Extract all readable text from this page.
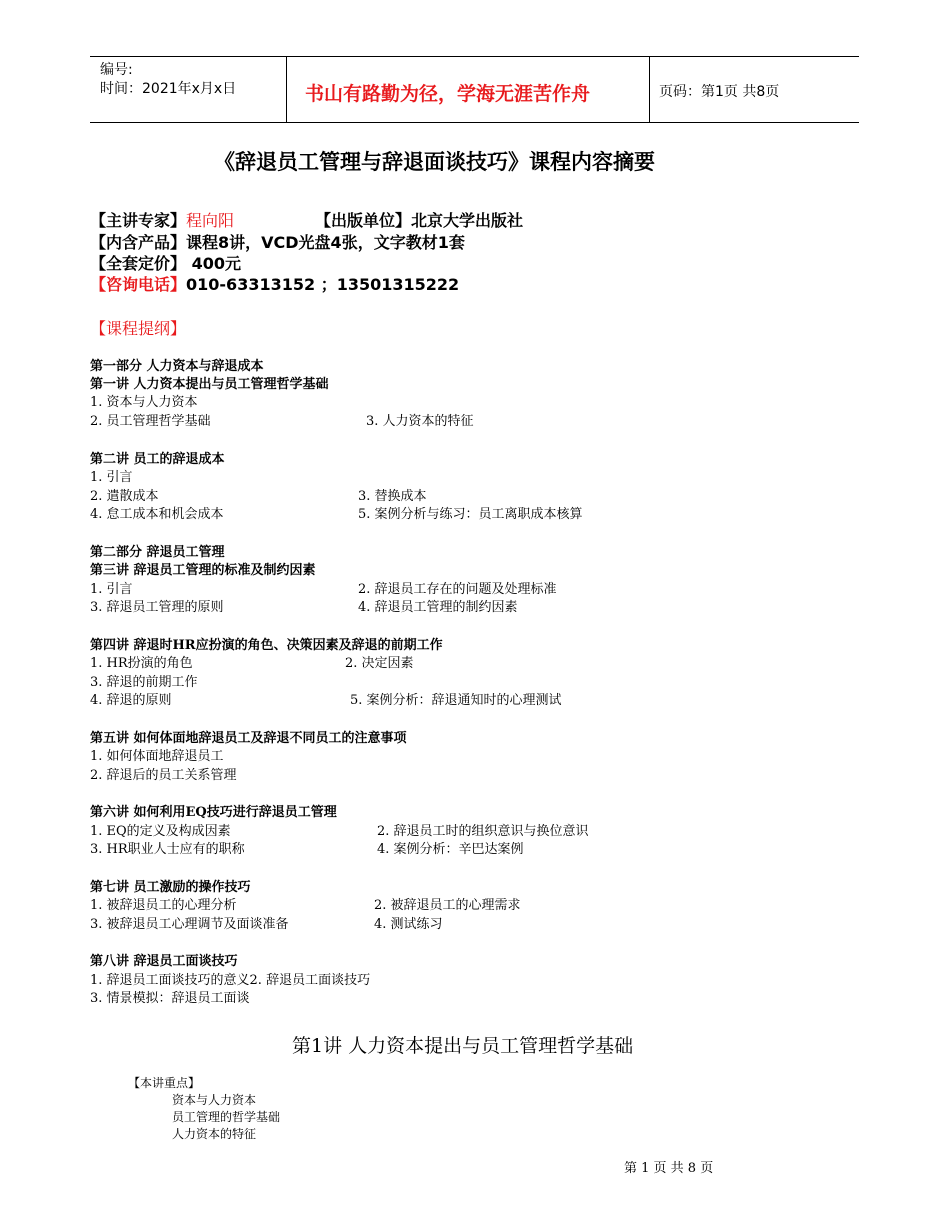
编号:
时间：2021年x月x日	书山有路勤为径，学海无涯苦作舟	页码：第1页 共8页
《辞退员工管理与辞退面谈技巧》课程内容摘要
【主讲专家】程向阳	【出版单位】北京大学出版社
【内含产品】课程8讲，VCD光盘4张，文字教材1套
【全套定价】 400元
【咨询电话】010-63313152 ；13501315222
【课程提纲】
第一部分 人力资本与辞退成本
第一讲 人力资本提出与员工管理哲学基础
1. 资本与人力资本
2. 员工管理哲学基础	3. 人力资本的特征
第二讲 员工的辞退成本
1. 引言
2. 遣散成本	3. 替换成本
4. 怠工成本和机会成本	5. 案例分析与练习：员工离职成本核算
第二部分 辞退员工管理
第三讲 辞退员工管理的标准及制约因素
1. 引言	2. 辞退员工存在的问题及处理标准
3. 辞退员工管理的原则	4. 辞退员工管理的制约因素
第四讲 辞退时HR应扮演的角色、决策因素及辞退的前期工作
1. HR扮演的角色	2. 决定因素
3. 辞退的前期工作
4. 辞退的原则	5. 案例分析：辞退通知时的心理测试
第五讲 如何体面地辞退员工及辞退不同员工的注意事项
1. 如何体面地辞退员工
2. 辞退后的员工关系管理
第六讲 如何利用EQ技巧进行辞退员工管理
1. EQ的定义及构成因素	2. 辞退员工时的组织意识与换位意识
3. HR职业人士应有的职称	4. 案例分析：辛巴达案例
第七讲 员工激励的操作技巧
1. 被辞退员工的心理分析	2. 被辞退员工的心理需求
3. 被辞退员工心理调节及面谈准备	4. 测试练习
第八讲 辞退员工面谈技巧
1. 辞退员工面谈技巧的意义2. 辞退员工面谈技巧
3. 情景模拟：辞退员工面谈
第1讲 人力资本提出与员工管理哲学基础
【本讲重点】
资本与人力资本
员工管理的哲学基础
人力资本的特征
第 1 页 共 8 页
